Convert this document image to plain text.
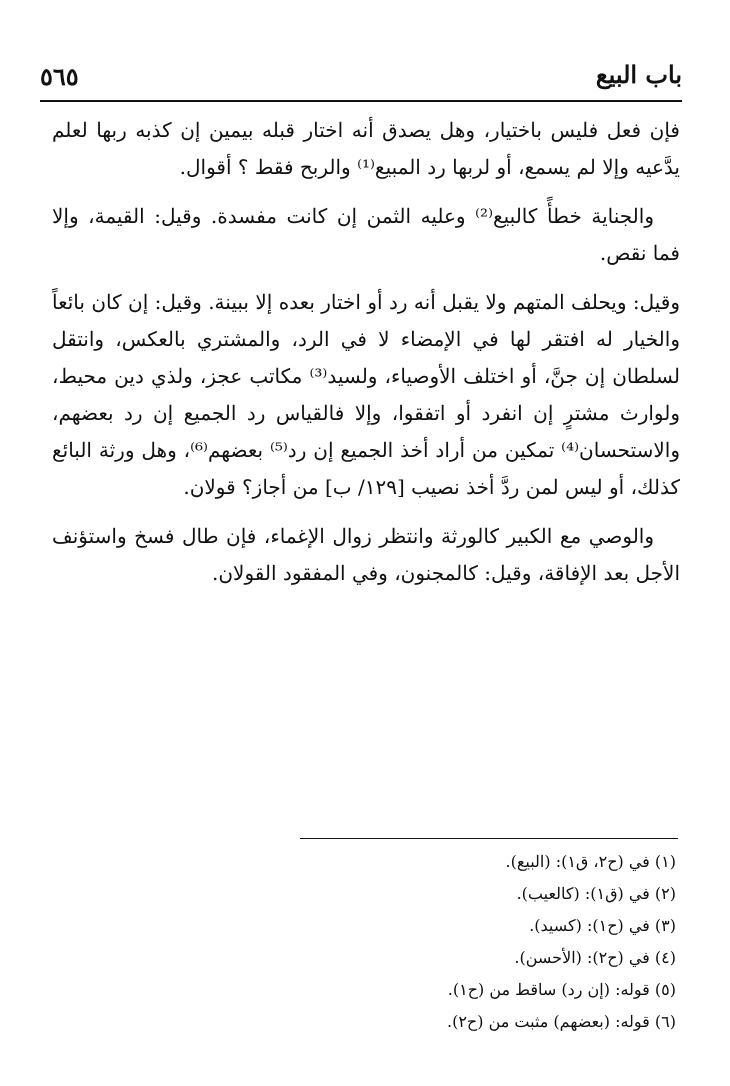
باب البيع
٥٦٥

فإن فعل فليس باختيار، وهل يصدق أنه اختار قبله بيمين إن كذبه ربها لعلم يدَّعيه وإلا لم يسمع، أو لربها رد المبيع⁽¹⁾ والربح فقط ؟ أقوال.

والجناية خطأً كالبيع⁽²⁾ وعليه الثمن إن كانت مفسدة. وقيل: القيمة، وإلا فما نقص.

وقيل: ويحلف المتهم ولا يقبل أنه رد أو اختار بعده إلا ببينة. وقيل: إن كان بائعاً والخيار له افتقر لها في الإمضاء لا في الرد، والمشتري بالعكس، وانتقل لسلطان إن جنَّ، أو اختلف الأوصياء، ولسيد⁽³⁾ مكاتب عجز، ولذي دين محيط، ولوارث مشترٍ إن انفرد أو اتفقوا، وإلا فالقياس رد الجميع إن رد بعضهم، والاستحسان⁽⁴⁾ تمكين من أراد أخذ الجميع إن رد⁽⁵⁾ بعضهم⁽⁶⁾، وهل ورثة البائع كذلك، أو ليس لمن ردَّ أخذ نصيب [١٢٩/ ب] من أجاز؟ قولان.

والوصي مع الكبير كالورثة وانتظر زوال الإغماء، فإن طال فسخ واستؤنف الأجل بعد الإفاقة، وقيل: كالمجنون، وفي المفقود القولان.

(١) في (ح٢، ق١): (البيع).

(٢) في (ق١): (كالعيب).

(٣) في (ح١): (كسيد).

(٤) في (ح٢): (الأحسن).

(٥) قوله: (إن رد) ساقط من (ح١).

(٦) قوله: (بعضهم) مثبت من (ح٢).
